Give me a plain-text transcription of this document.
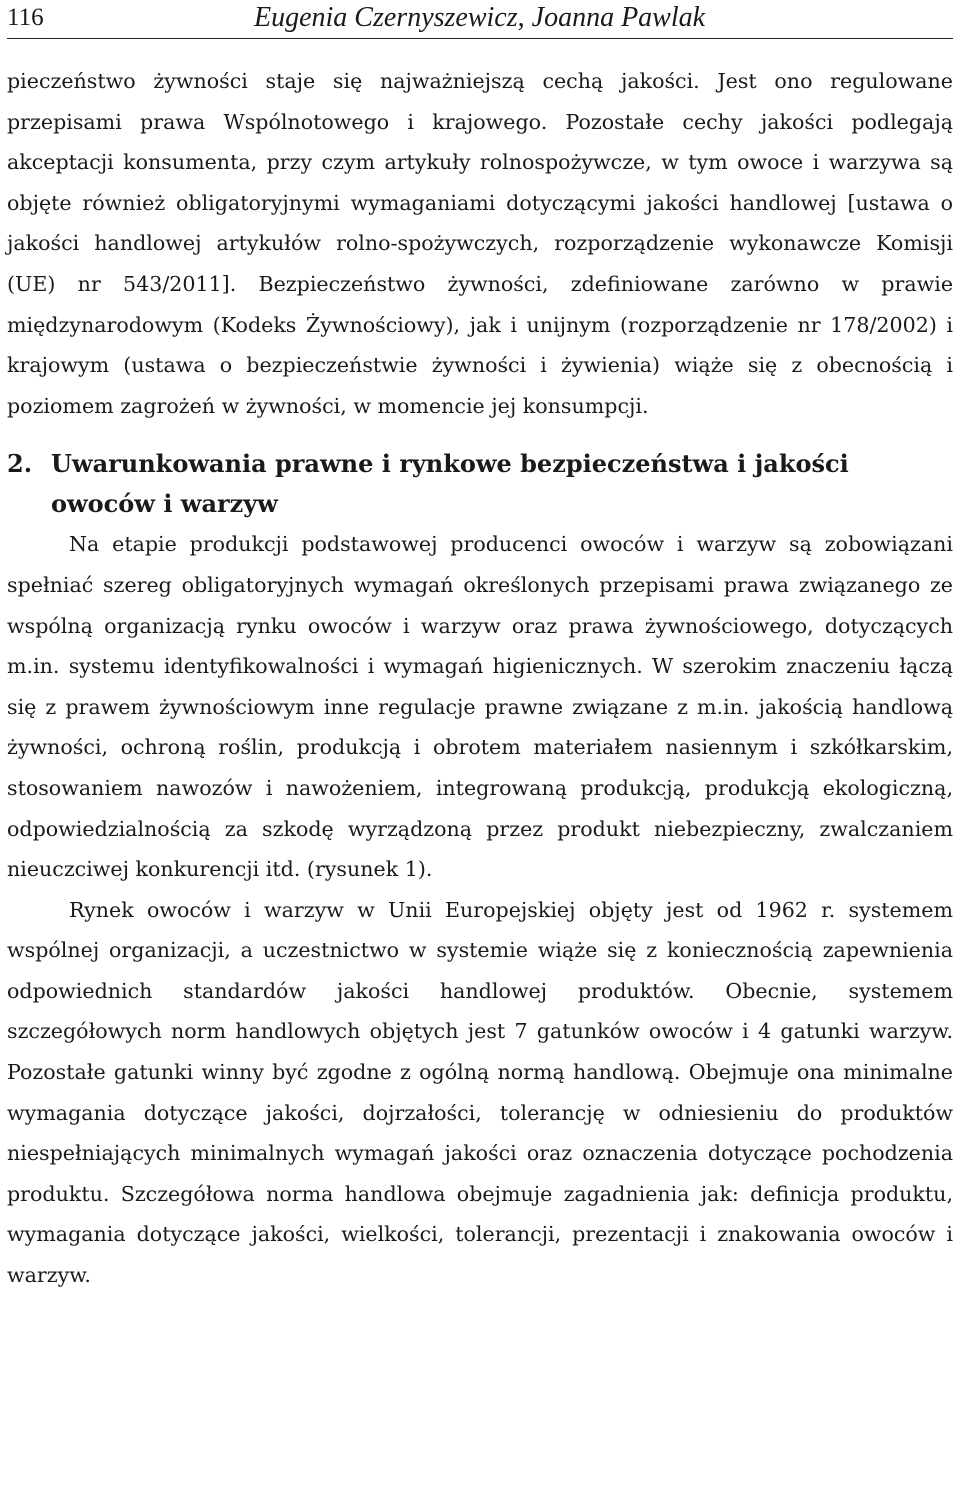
116	Eugenia Czernyszewicz, Joanna Pawlak

pieczeństwo żywności staje się najważniejszą cechą jakości. Jest ono regulowane przepisami prawa Wspólnotowego i krajowego. Pozostałe cechy jakości podlegają akceptacji konsumenta, przy czym artykuły rolnospożywcze, w tym owoce i warzywa są objęte również obligatoryjnymi wymaganiami dotyczącymi jakości handlowej [ustawa o jakości handlowej artykułów rolno-spożywczych, rozporządzenie wykonawcze Komisji (UE) nr 543/2011]. Bezpieczeństwo żywności, zdefiniowane zarówno w prawie międzynarodowym (Kodeks Żywnościowy), jak i unijnym (rozporządzenie nr 178/2002) i krajowym (ustawa o bezpieczeństwie żywności i żywienia) wiąże się z obecnością i poziomem zagrożeń w żywności, w momencie jej konsumpcji.

2. Uwarunkowania prawne i rynkowe bezpieczeństwa i jakości owoców i warzyw

Na etapie produkcji podstawowej producenci owoców i warzyw są zobowiązani spełniać szereg obligatoryjnych wymagań określonych przepisami prawa związanego ze wspólną organizacją rynku owoców i warzyw oraz prawa żywnościowego, dotyczących m.in. systemu identyfikowalności i wymagań higienicznych. W szerokim znaczeniu łączą się z prawem żywnościowym inne regulacje prawne związane z m.in. jakością handlową żywności, ochroną roślin, produkcją i obrotem materiałem nasiennym i szkółkarskim, stosowaniem nawozów i nawożeniem, integrowaną produkcją, produkcją ekologiczną, odpowiedzialnością za szkodę wyrządzoną przez produkt niebezpieczny, zwalczaniem nieuczciwej konkurencji itd. (rysunek 1).

Rynek owoców i warzyw w Unii Europejskiej objęty jest od 1962 r. systemem wspólnej organizacji, a uczestnictwo w systemie wiąże się z koniecznością zapewnienia odpowiednich standardów jakości handlowej produktów. Obecnie, systemem szczegółowych norm handlowych objętych jest 7 gatunków owoców i 4 gatunki warzyw. Pozostałe gatunki winny być zgodne z ogólną normą handlową. Obejmuje ona minimalne wymagania dotyczące jakości, dojrzałości, tolerancję w odniesieniu do produktów niespełniających minimalnych wymagań jakości oraz oznaczenia dotyczące pochodzenia produktu. Szczegółowa norma handlowa obejmuje zagadnienia jak: definicja produktu, wymagania dotyczące jakości, wielkości, tolerancji, prezentacji i znakowania owoców i warzyw.
